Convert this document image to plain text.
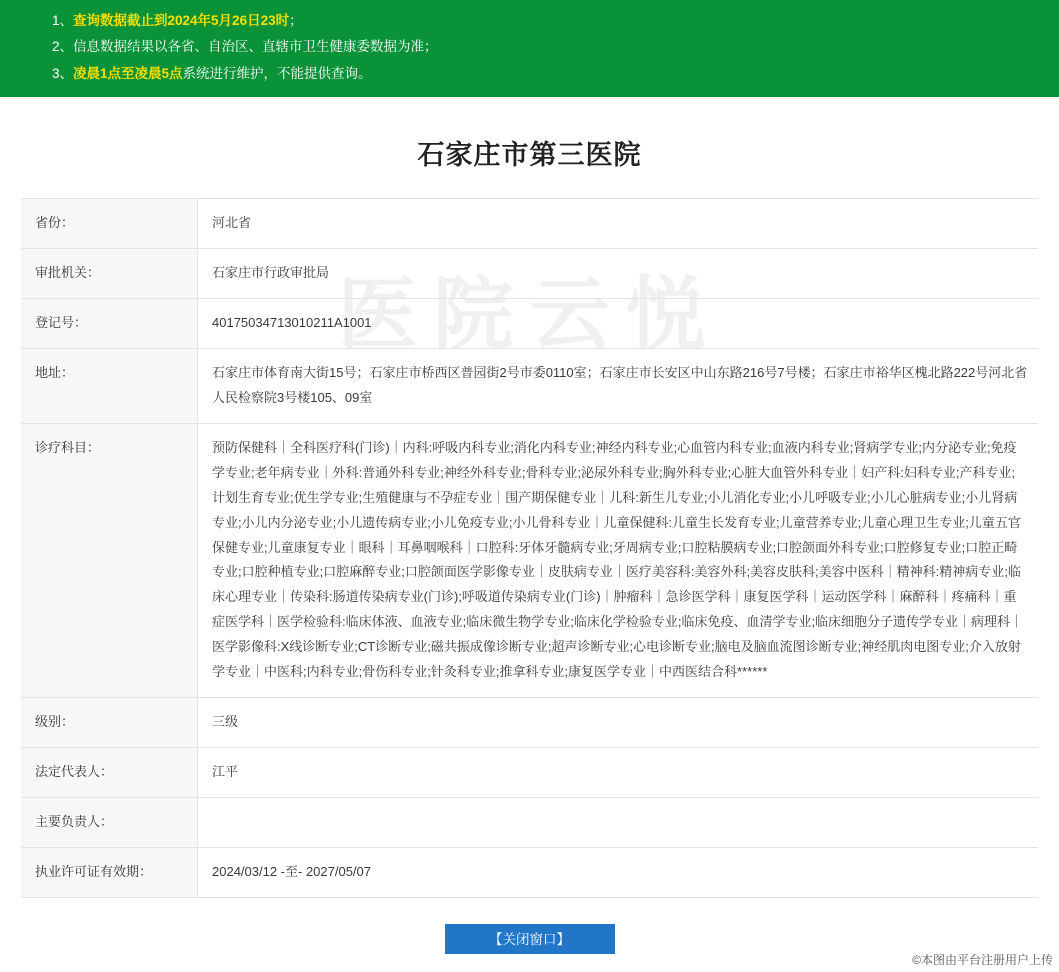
1、查询数据截止到2024年5月26日23时；
2、信息数据结果以各省、自治区、直辖市卫生健康委数据为准；
3、凌晨1点至凌晨5点系统进行维护，不能提供查询。
石家庄市第三医院
医院云悦
省份：	河北省
审批机关：	石家庄市行政审批局
登记号：	40175034713010211A1001
地址：	石家庄市体育南大街15号；石家庄市桥西区普园街2号市委0110室；石家庄市长安区中山东路216号7号楼；石家庄市裕华区槐北路222号河北省人民检察院3号楼105、09室
诊疗科目：	预防保健科｜全科医疗科(门诊)｜内科:呼吸内科专业;消化内科专业;神经内科专业;心血管内科专业;血液内科专业;肾病学专业;内分泌专业;免疫学专业;老年病专业｜外科:普通外科专业;神经外科专业;骨科专业;泌尿外科专业;胸外科专业;心脏大血管外科专业｜妇产科:妇科专业;产科专业;计划生育专业;优生学专业;生殖健康与不孕症专业｜围产期保健专业｜儿科:新生儿专业;小儿消化专业;小儿呼吸专业;小儿心脏病专业;小儿肾病专业;小儿内分泌专业;小儿遗传病专业;小儿免疫专业;小儿骨科专业｜儿童保健科:儿童生长发育专业;儿童营养专业;儿童心理卫生专业;儿童五官保健专业;儿童康复专业｜眼科｜耳鼻咽喉科｜口腔科:牙体牙髓病专业;牙周病专业;口腔粘膜病专业;口腔颌面外科专业;口腔修复专业;口腔正畸专业;口腔种植专业;口腔麻醉专业;口腔颌面医学影像专业｜皮肤病专业｜医疗美容科:美容外科;美容皮肤科;美容中医科｜精神科:精神病专业;临床心理专业｜传染科:肠道传染病专业(门诊);呼吸道传染病专业(门诊)｜肿瘤科｜急诊医学科｜康复医学科｜运动医学科｜麻醉科｜疼痛科｜重症医学科｜医学检验科:临床体液、血液专业;临床微生物学专业;临床化学检验专业;临床免疫、血清学专业;临床细胞分子遗传学专业｜病理科｜医学影像科:X线诊断专业;CT诊断专业;磁共振成像诊断专业;超声诊断专业;心电诊断专业;脑电及脑血流图诊断专业;神经肌肉电图专业;介入放射学专业｜中医科;内科专业;骨伤科专业;针灸科专业;推拿科专业;康复医学专业｜中西医结合科******
级别：	三级
法定代表人：	江平
主要负责人：	
执业许可证有效期：	2024/03/12 -至- 2027/05/07
【关闭窗口】
©本图由平台注册用户上传
